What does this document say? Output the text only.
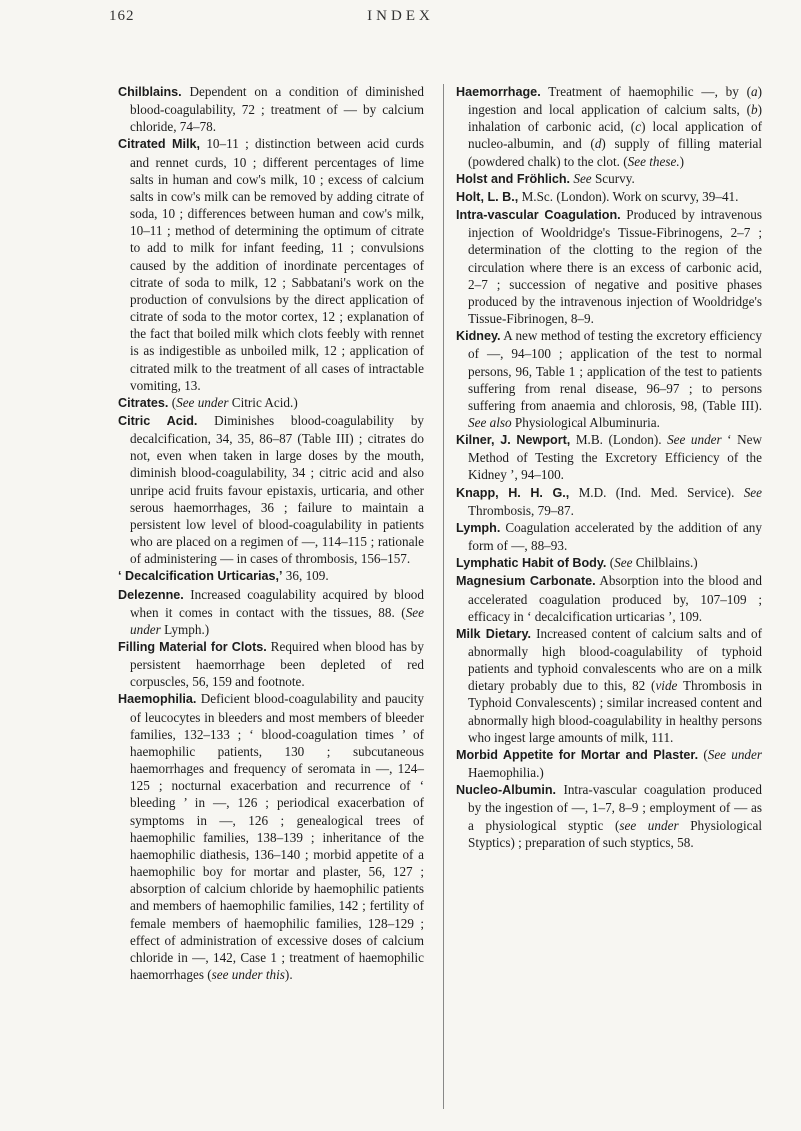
162	INDEX

Chilblains. Dependent on a condition of diminished blood-coagulability, 72 ; treatment of — by calcium chloride, 74–78.

Citrated Milk, 10–11 ; distinction between acid curds and rennet curds, 10 ; different percentages of lime salts in human and cow's milk, 10 ; excess of calcium salts in cow's milk can be removed by adding citrate of soda, 10 ; differences between human and cow's milk, 10–11 ; method of determining the optimum of citrate to add to milk for infant feeding, 11 ; convulsions caused by the addition of inordinate percentages of citrate of soda to milk, 12 ; Sabbatani's work on the production of convulsions by the direct application of citrate of soda to the motor cortex, 12 ; explanation of the fact that boiled milk which clots feebly with rennet is as indigestible as unboiled milk, 12 ; application of citrated milk to the treatment of all cases of intractable vomiting, 13.

Citrates. (See under Citric Acid.)

Citric Acid. Diminishes blood-coagulability by decalcification, 34, 35, 86–87 (Table III) ; citrates do not, even when taken in large doses by the mouth, diminish blood-coagulability, 34 ; citric acid and also unripe acid fruits favour epistaxis, urticaria, and other serous haemorrhages, 36 ; failure to maintain a persistent low level of blood-coagulability in patients who are placed on a regimen of —, 114–115 ; rationale of administering — in cases of thrombosis, 156–157.

‘ Decalcification Urticarias,’ 36, 109.

Delezenne. Increased coagulability acquired by blood when it comes in contact with the tissues, 88. (See under Lymph.)

Filling Material for Clots. Required when blood has by persistent haemorrhage been depleted of red corpuscles, 56, 159 and footnote.

Haemophilia. Deficient blood-coagulability and paucity of leucocytes in bleeders and most members of bleeder families, 132–133 ; ‘ blood-coagulation times ’ of haemophilic patients, 130 ; subcutaneous haemorrhages and frequency of seromata in —, 124–125 ; nocturnal exacerbation and recurrence of ‘ bleeding ’ in —, 126 ; periodical exacerbation of symptoms in —, 126 ; genealogical trees of haemophilic families, 138–139 ; inheritance of the haemophilic diathesis, 136–140 ; morbid appetite of a haemophilic boy for mortar and plaster, 56, 127 ; absorption of calcium chloride by haemophilic patients and members of haemophilic families, 142 ; fertility of female members of haemophilic families, 128–129 ; effect of administration of excessive doses of calcium chloride in —, 142, Case 1 ; treatment of haemophilic haemorrhages (see under this).

Haemorrhage. Treatment of haemophilic —, by (a) ingestion and local application of calcium salts, (b) inhalation of carbonic acid, (c) local application of nucleo-albumin, and (d) supply of filling material (powdered chalk) to the clot. (See these.)

Holst and Fröhlich. See Scurvy.

Holt, L. B., M.Sc. (London). Work on scurvy, 39–41.

Intra-vascular Coagulation. Produced by intravenous injection of Wooldridge's Tissue-Fibrinogens, 2–7 ; determination of the clotting to the region of the circulation where there is an excess of carbonic acid, 2–7 ; succession of negative and positive phases produced by the intravenous injection of Wooldridge's Tissue-Fibrinogen, 8–9.

Kidney. A new method of testing the excretory efficiency of —, 94–100 ; application of the test to normal persons, 96, Table 1 ; application of the test to patients suffering from renal disease, 96–97 ; to persons suffering from anaemia and chlorosis, 98, (Table III). See also Physiological Albuminuria.

Kilner, J. Newport, M.B. (London). See under ‘ New Method of Testing the Excretory Efficiency of the Kidney ’, 94–100.

Knapp, H. H. G., M.D. (Ind. Med. Service). See Thrombosis, 79–87.

Lymph. Coagulation accelerated by the addition of any form of —, 88–93.

Lymphatic Habit of Body. (See Chilblains.)

Magnesium Carbonate. Absorption into the blood and accelerated coagulation produced by, 107–109 ; efficacy in ‘ decalcification urticarias ’, 109.

Milk Dietary. Increased content of calcium salts and of abnormally high blood-coagulability of typhoid patients and typhoid convalescents who are on a milk dietary probably due to this, 82 (vide Thrombosis in Typhoid Convalescents) ; similar increased content and abnormally high blood-coagulability in healthy persons who ingest large amounts of milk, 111.

Morbid Appetite for Mortar and Plaster. (See under Haemophilia.)

Nucleo-Albumin. Intra-vascular coagulation produced by the ingestion of —, 1–7, 8–9 ; employment of — as a physiological styptic (see under Physiological Styptics) ; preparation of such styptics, 58.
